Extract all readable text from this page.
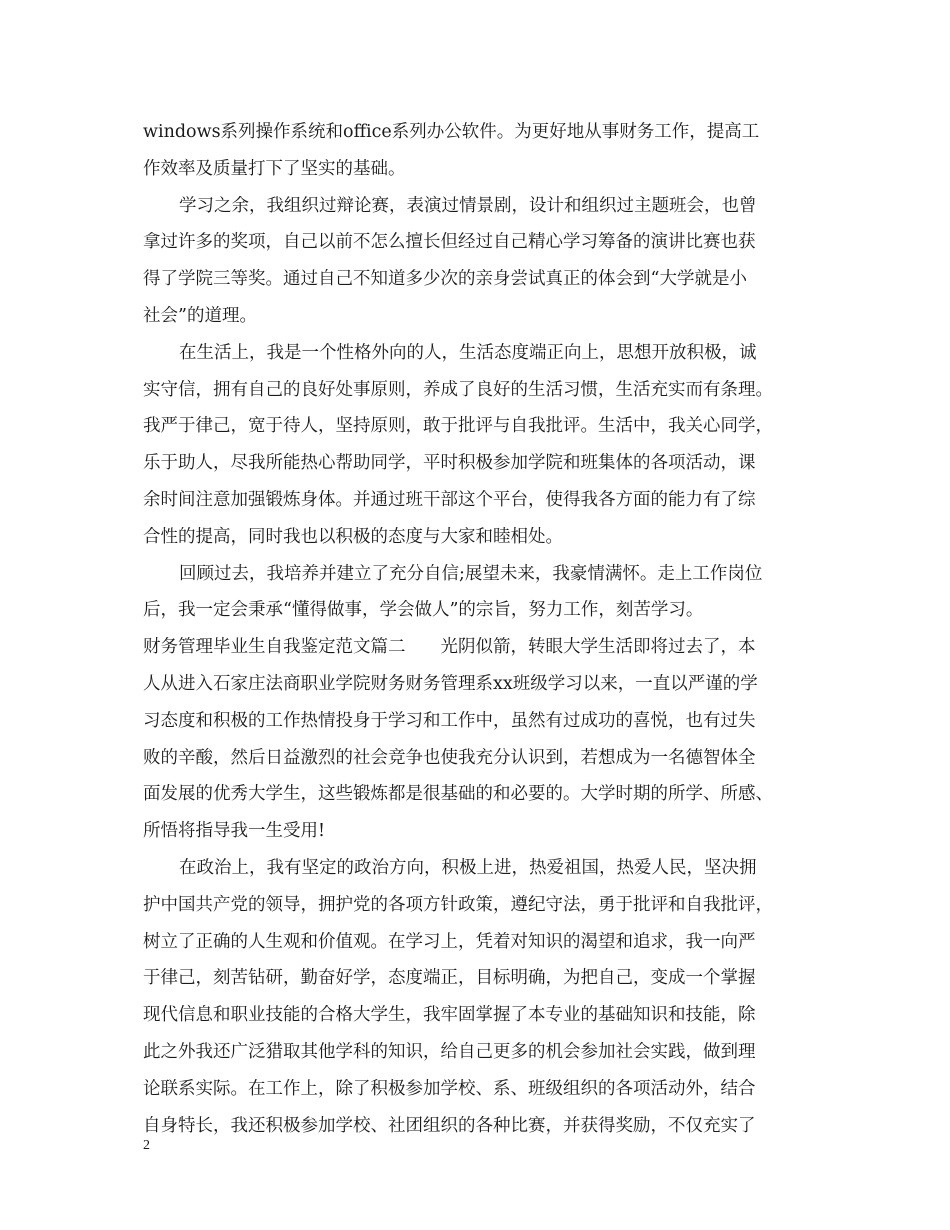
windows系列操作系统和office系列办公软件。为更好地从事财务工作，提高工
作效率及质量打下了坚实的基础。
学习之余，我组织过辩论赛，表演过情景剧，设计和组织过主题班会，也曾
拿过许多的奖项，自己以前不怎么擅长但经过自己精心学习筹备的演讲比赛也获
得了学院三等奖。通过自己不知道多少次的亲身尝试真正的体会到“大学就是小
社会”的道理。
在生活上，我是一个性格外向的人，生活态度端正向上，思想开放积极，诚
实守信，拥有自己的良好处事原则，养成了良好的生活习惯，生活充实而有条理。
我严于律己，宽于待人，坚持原则，敢于批评与自我批评。生活中，我关心同学，
乐于助人，尽我所能热心帮助同学，平时积极参加学院和班集体的各项活动，课
余时间注意加强锻炼身体。并通过班干部这个平台，使得我各方面的能力有了综
合性的提高，同时我也以积极的态度与大家和睦相处。
回顾过去，我培养并建立了充分自信;展望未来，我豪情满怀。走上工作岗位
后，我一定会秉承“懂得做事，学会做人”的宗旨，努力工作，刻苦学习。
财务管理毕业生自我鉴定范文篇二　　光阴似箭，转眼大学生活即将过去了，本
人从进入石家庄法商职业学院财务财务管理系xx班级学习以来，一直以严谨的学
习态度和积极的工作热情投身于学习和工作中，虽然有过成功的喜悦，也有过失
败的辛酸，然后日益激烈的社会竞争也使我充分认识到，若想成为一名德智体全
面发展的优秀大学生，这些锻炼都是很基础的和必要的。大学时期的所学、所感、
所悟将指导我一生受用!
在政治上，我有坚定的政治方向，积极上进，热爱祖国，热爱人民，坚决拥
护中国共产党的领导，拥护党的各项方针政策，遵纪守法，勇于批评和自我批评，
树立了正确的人生观和价值观。在学习上，凭着对知识的渴望和追求，我一向严
于律己，刻苦钻研，勤奋好学，态度端正，目标明确，为把自己，变成一个掌握
现代信息和职业技能的合格大学生，我牢固掌握了本专业的基础知识和技能，除
此之外我还广泛猎取其他学科的知识，给自己更多的机会参加社会实践，做到理
论联系实际。在工作上，除了积极参加学校、系、班级组织的各项活动外，结合
自身特长，我还积极参加学校、社团组织的各种比赛，并获得奖励，不仅充实了
2
